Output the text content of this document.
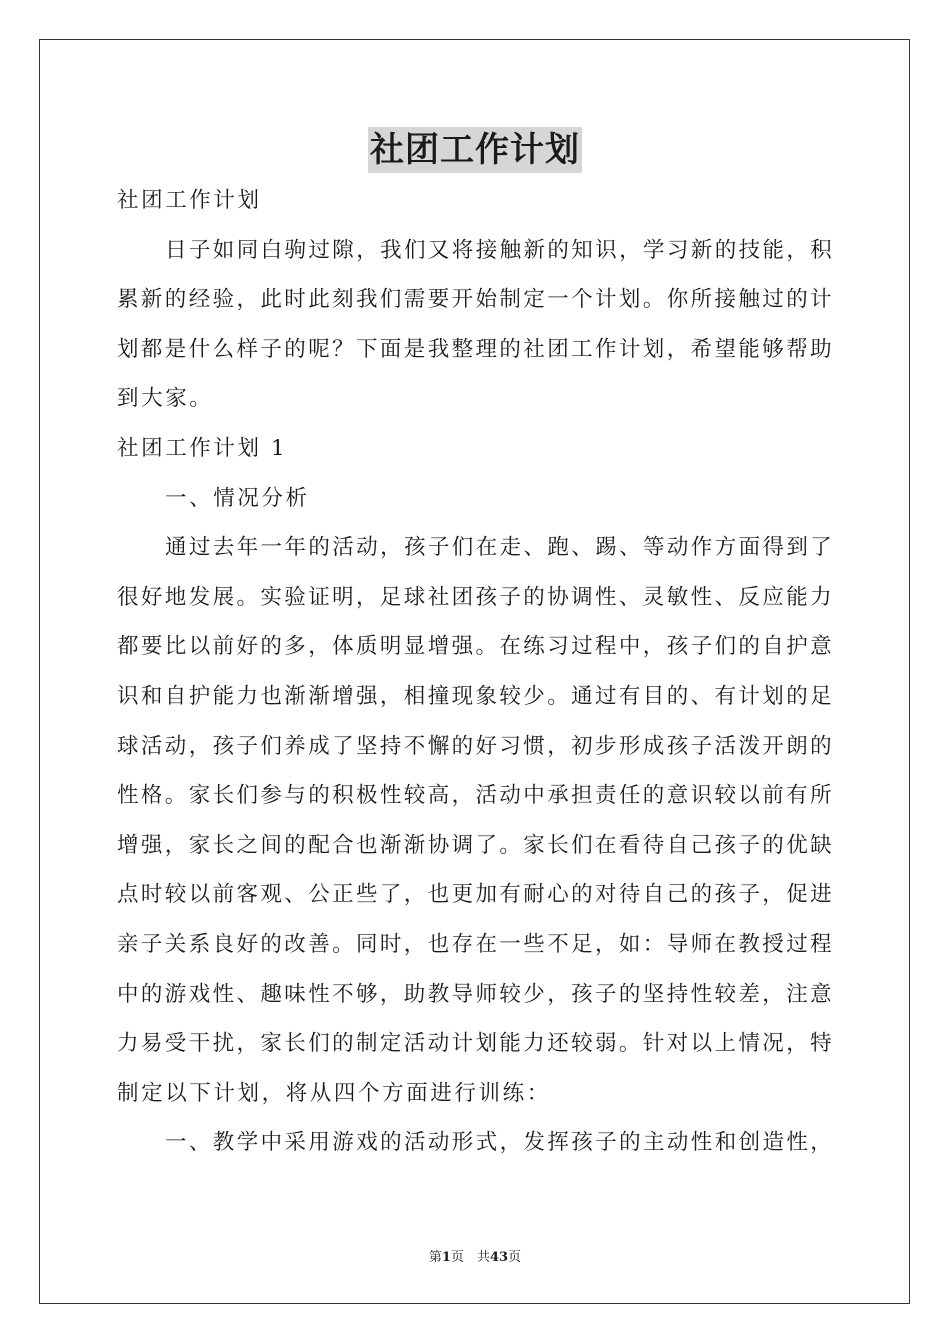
社团工作计划
社团工作计划
日子如同白驹过隙，我们又将接触新的知识，学习新的技能，积
累新的经验，此时此刻我们需要开始制定一个计划。你所接触过的计
划都是什么样子的呢？下面是我整理的社团工作计划，希望能够帮助
到大家。
社团工作计划 1
一、情况分析
通过去年一年的活动，孩子们在走、跑、踢、等动作方面得到了
很好地发展。实验证明，足球社团孩子的协调性、灵敏性、反应能力
都要比以前好的多，体质明显增强。在练习过程中，孩子们的自护意
识和自护能力也渐渐增强，相撞现象较少。通过有目的、有计划的足
球活动，孩子们养成了坚持不懈的好习惯，初步形成孩子活泼开朗的
性格。家长们参与的积极性较高，活动中承担责任的意识较以前有所
增强，家长之间的配合也渐渐协调了。家长们在看待自己孩子的优缺
点时较以前客观、公正些了，也更加有耐心的对待自己的孩子，促进
亲子关系良好的改善。同时，也存在一些不足，如：导师在教授过程
中的游戏性、趣味性不够，助教导师较少，孩子的坚持性较差，注意
力易受干扰，家长们的制定活动计划能力还较弱。针对以上情况，特
制定以下计划，将从四个方面进行训练：
一、教学中采用游戏的活动形式，发挥孩子的主动性和创造性，
第1页　共43页
